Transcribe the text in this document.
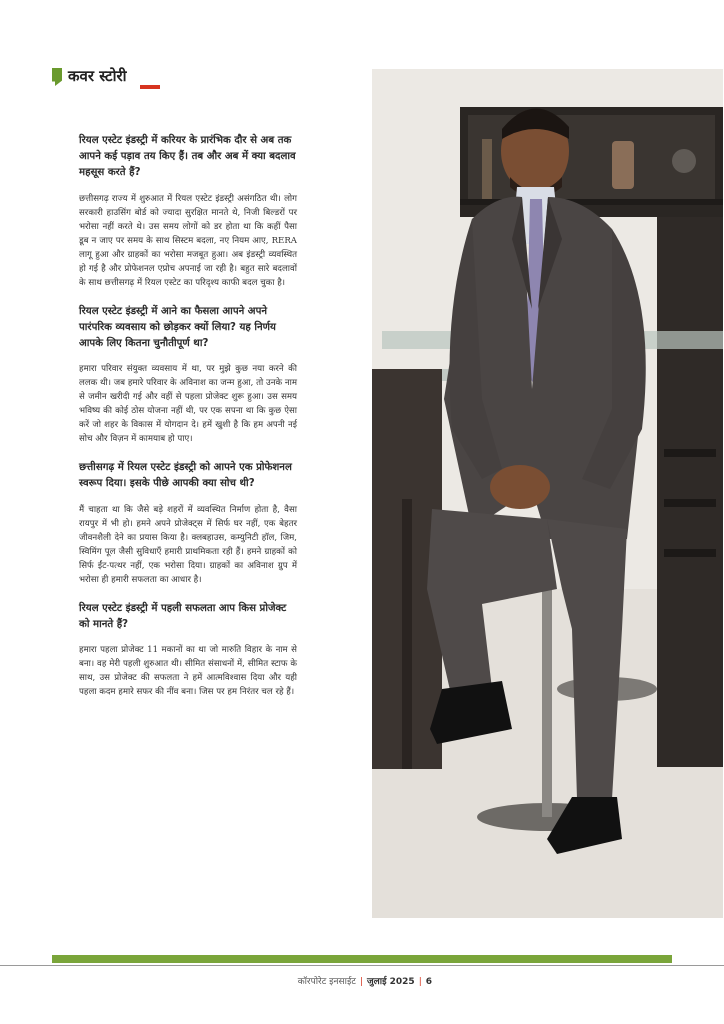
कवर स्टोरी

रियल एस्टेट इंडस्ट्री में करियर के प्रारंभिक दौर से अब तक आपने कई पड़ाव तय किए हैं। तब और अब में क्या बदलाव महसूस करते हैं?

छत्तीसगढ़ राज्य में शुरुआत में रियल एस्टेट इंडस्ट्री असंगठित थी। लोग सरकारी हाउसिंग बोर्ड को ज्यादा सुरक्षित मानते थे, निजी बिल्डरों पर भरोसा नहीं करते थे। उस समय लोगों को डर होता था कि कहीं पैसा डूब न जाए पर समय के साथ सिस्टम बदला, नए नियम आए, RERA लागू हुआ और ग्राहकों का भरोसा मजबूत हुआ। अब इंडस्ट्री व्यवस्थित हो गई है और प्रोफेशनल एप्रोच अपनाई जा रही है। बहुत सारे बदलावों के साथ छत्तीसगढ़ में रियल एस्टेट का परिदृश्य काफी बदल चुका है।

रियल एस्टेट इंडस्ट्री में आने का फैसला आपने अपने पारंपरिक व्यवसाय को छोड़कर क्यों लिया? यह निर्णय आपके लिए कितना चुनौतीपूर्ण था?

हमारा परिवार संयुक्त व्यवसाय में था, पर मुझे कुछ नया करने की ललक थी। जब हमारे परिवार के अविनाश का जन्म हुआ, तो उनके नाम से जमीन खरीदी गई और वहीं से पहला प्रोजेक्ट शुरू हुआ। उस समय भविष्य की कोई ठोस योजना नहीं थी, पर एक सपना था कि कुछ ऐसा करें जो शहर के विकास में योगदान दे। हमें खुशी है कि हम अपनी नई सोच और विज़न में कामयाब हो पाए।

छत्तीसगढ़ में रियल एस्टेट इंडस्ट्री को आपने एक प्रोफेशनल स्वरूप दिया। इसके पीछे आपकी क्या सोच थी?

मैं चाहता था कि जैसे बड़े शहरों में व्यवस्थित निर्माण होता है, वैसा रायपुर में भी हो। हमने अपने प्रोजेक्ट्स में सिर्फ घर नहीं, एक बेहतर जीवनशैली देने का प्रयास किया है। क्लबहाउस, कम्युनिटी हॉल, जिम, स्विमिंग पूल जैसी सुविधाएँ हमारी प्राथमिकता रही हैं। हमने ग्राहकों को सिर्फ ईंट-पत्थर नहीं, एक भरोसा दिया। ग्राहकों का अविनाश ग्रुप में भरोसा ही हमारी सफलता का आधार है।

रियल एस्टेट इंडस्ट्री में पहली सफलता आप किस प्रोजेक्ट को मानते हैं?

हमारा पहला प्रोजेक्ट 11 मकानों का था जो मारुति विहार के नाम से बना। वह मेरी पहली शुरुआत थी। सीमित संसाधनों में, सीमित स्टाफ के साथ, उस प्रोजेक्ट की सफलता ने हमें आत्मविश्वास दिया और यही पहला कदम हमारे सफर की नींव बना। जिस पर हम निरंतर चल रहे हैं।

कॉरपोरेट इनसाईट | जुलाई 2025 | 6
